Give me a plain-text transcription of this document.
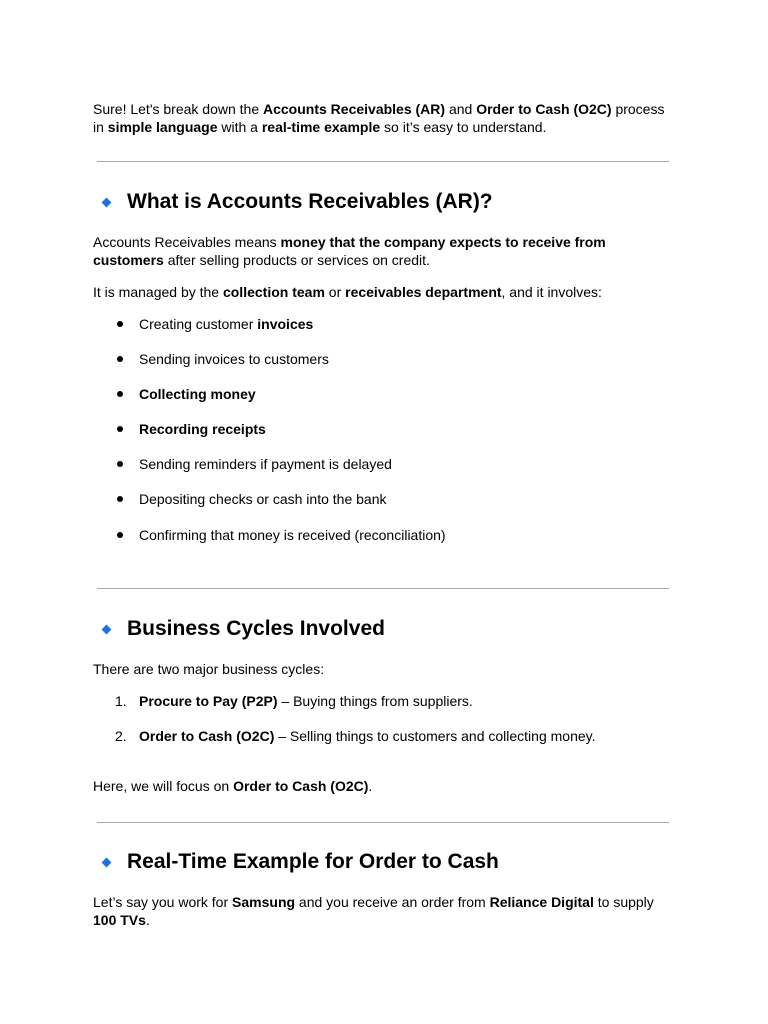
Sure! Let's break down the Accounts Receivables (AR) and Order to Cash (O2C) process in simple language with a real-time example so it’s easy to understand.

What is Accounts Receivables (AR)?

Accounts Receivables means money that the company expects to receive from customers after selling products or services on credit.

It is managed by the collection team or receivables department, and it involves:

Creating customer invoices
Sending invoices to customers
Collecting money
Recording receipts
Sending reminders if payment is delayed
Depositing checks or cash into the bank
Confirming that money is received (reconciliation)
Business Cycles Involved

There are two major business cycles:

1. Procure to Pay (P2P) – Buying things from suppliers.
2. Order to Cash (O2C) – Selling things to customers and collecting money.

Here, we will focus on Order to Cash (O2C).

Real-Time Example for Order to Cash

Let’s say you work for Samsung and you receive an order from Reliance Digital to supply 100 TVs.
